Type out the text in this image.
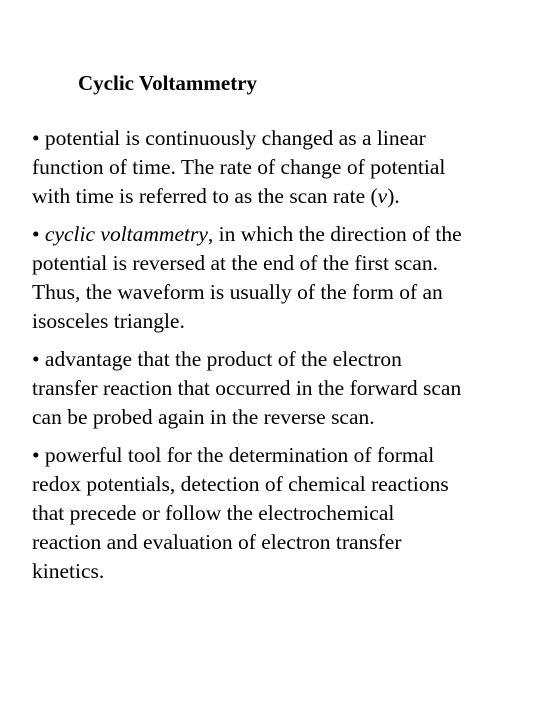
Cyclic Voltammetry
• potential is continuously changed as a linear
function of time. The rate of change of potential
with time is referred to as the scan rate (v).
• cyclic voltammetry, in which the direction of the
potential is reversed at the end of the first scan.
Thus, the waveform is usually of the form of an
isosceles triangle.
• advantage that the product of the electron
transfer reaction that occurred in the forward scan
can be probed again in the reverse scan.
• powerful tool for the determination of formal
redox potentials, detection of chemical reactions
that precede or follow the electrochemical
reaction and evaluation of electron transfer
kinetics.
